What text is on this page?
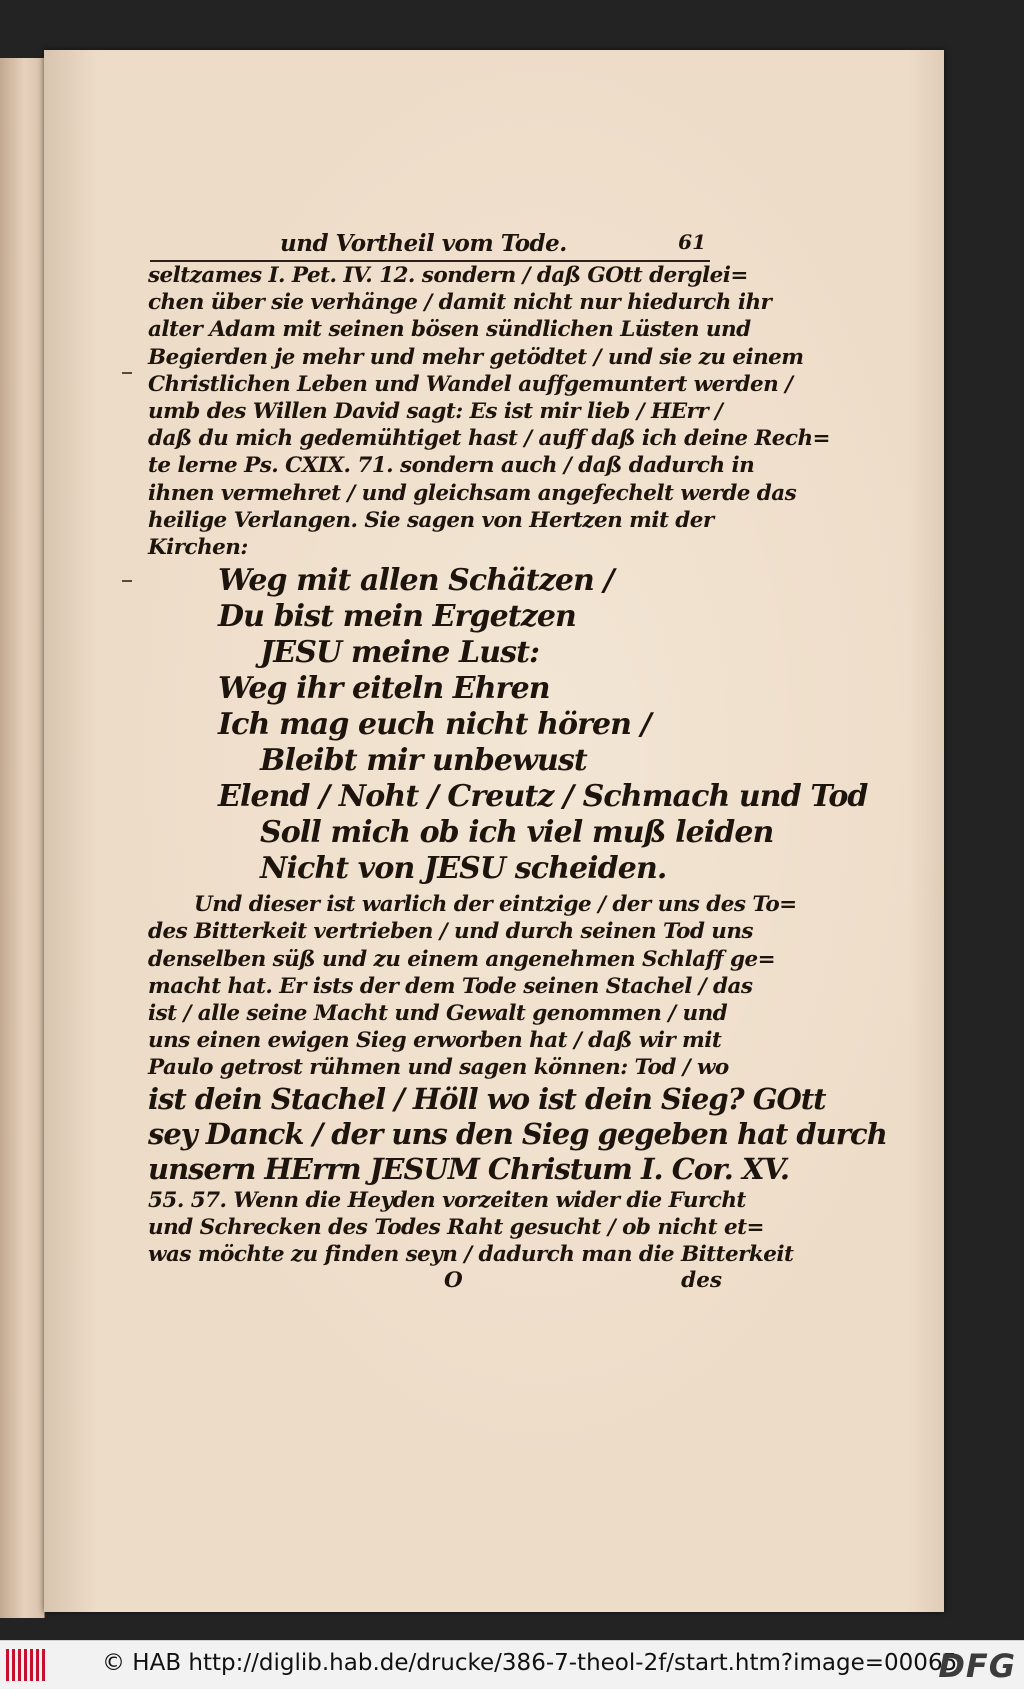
und Vortheil vom Tode.	61
seltzames I. Pet. IV. 12. sondern / daß GOtt derglei=
chen über sie verhänge / damit nicht nur hiedurch ihr
alter Adam mit seinen bösen sündlichen Lüsten und
Begierden je mehr und mehr getödtet / und sie zu einem
Christlichen Leben und Wandel auffgemuntert werden /
umb des Willen David sagt: Es ist mir lieb / HErr /
daß du mich gedemühtiget hast / auff daß ich deine Rech=
te lerne Ps. CXIX. 71. sondern auch / daß dadurch in
ihnen vermehret / und gleichsam angefechelt werde das
heilige Verlangen. Sie sagen von Hertzen mit der
Kirchen:
Weg mit allen Schätzen /
Du bist mein Ergetzen
JESU meine Lust:
Weg ihr eiteln Ehren
Ich mag euch nicht hören /
Bleibt mir unbewust
Elend / Noht / Creutz / Schmach und Tod
Soll mich ob ich viel muß leiden
Nicht von JESU scheiden.
Und dieser ist warlich der eintzige / der uns des To=
des Bitterkeit vertrieben / und durch seinen Tod uns
denselben süß und zu einem angenehmen Schlaff ge=
macht hat. Er ists der dem Tode seinen Stachel / das
ist / alle seine Macht und Gewalt genommen / und
uns einen ewigen Sieg erworben hat / daß wir mit
Paulo getrost rühmen und sagen können: Tod / wo
ist dein Stachel / Höll wo ist dein Sieg? GOtt
sey Danck / der uns den Sieg gegeben hat durch
unsern HErrn JESUM Christum I. Cor. XV.
55. 57. Wenn die Heyden vorzeiten wider die Furcht
und Schrecken des Todes Raht gesucht / ob nicht et=
was möchte zu finden seyn / dadurch man die Bitterkeit
O	des
© HAB http://diglib.hab.de/drucke/386-7-theol-2f/start.htm?image=00065
DFG
